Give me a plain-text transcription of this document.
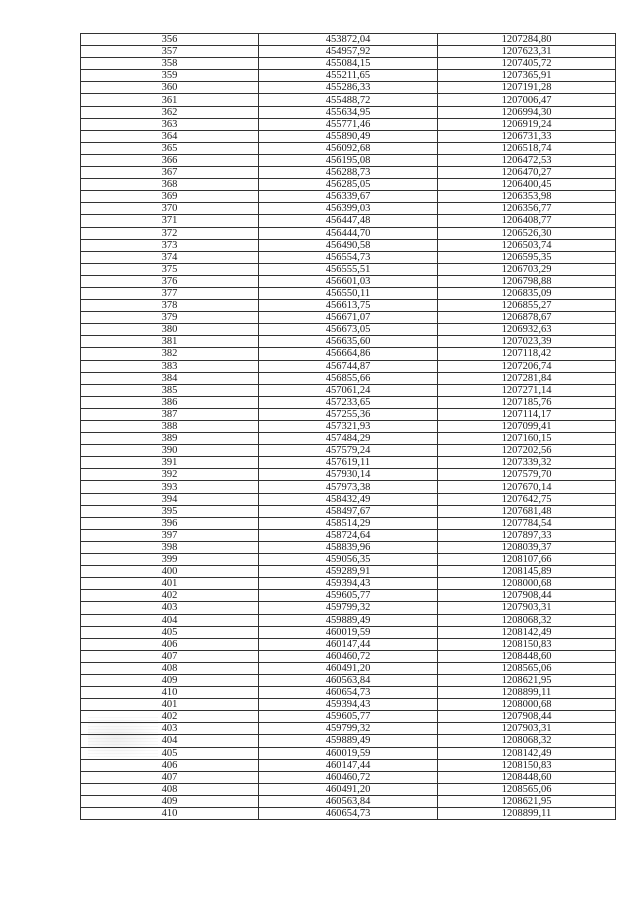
356	453872,04	1207284,80
357	454957,92	1207623,31
358	455084,15	1207405,72
359	455211,65	1207365,91
360	455286,33	1207191,28
361	455488,72	1207006,47
362	455634,95	1206994,30
363	455771,46	1206919,24
364	455890,49	1206731,33
365	456092,68	1206518,74
366	456195,08	1206472,53
367	456288,73	1206470,27
368	456285,05	1206400,45
369	456339,67	1206353,98
370	456399,03	1206356,77
371	456447,48	1206408,77
372	456444,70	1206526,30
373	456490,58	1206503,74
374	456554,73	1206595,35
375	456555,51	1206703,29
376	456601,03	1206798,88
377	456550,11	1206835,09
378	456613,75	1206855,27
379	456671,07	1206878,67
380	456673,05	1206932,63
381	456635,60	1207023,39
382	456664,86	1207118,42
383	456744,87	1207206,74
384	456855,66	1207281,84
385	457061,24	1207271,14
386	457233,65	1207185,76
387	457255,36	1207114,17
388	457321,93	1207099,41
389	457484,29	1207160,15
390	457579,24	1207202,56
391	457619,11	1207339,32
392	457930,14	1207579,70
393	457973,38	1207670,14
394	458432,49	1207642,75
395	458497,67	1207681,48
396	458514,29	1207784,54
397	458724,64	1207897,33
398	458839,96	1208039,37
399	459056,35	1208107,66
400	459289,91	1208145,89
401	459394,43	1208000,68
402	459605,77	1207908,44
403	459799,32	1207903,31
404	459889,49	1208068,32
405	460019,59	1208142,49
406	460147,44	1208150,83
407	460460,72	1208448,60
408	460491,20	1208565,06
409	460563,84	1208621,95
410	460654,73	1208899,11
401	459394,43	1208000,68
402	459605,77	1207908,44
403	459799,32	1207903,31
404	459889,49	1208068,32
405	460019,59	1208142,49
406	460147,44	1208150,83
407	460460,72	1208448,60
408	460491,20	1208565,06
409	460563,84	1208621,95
410	460654,73	1208899,11
